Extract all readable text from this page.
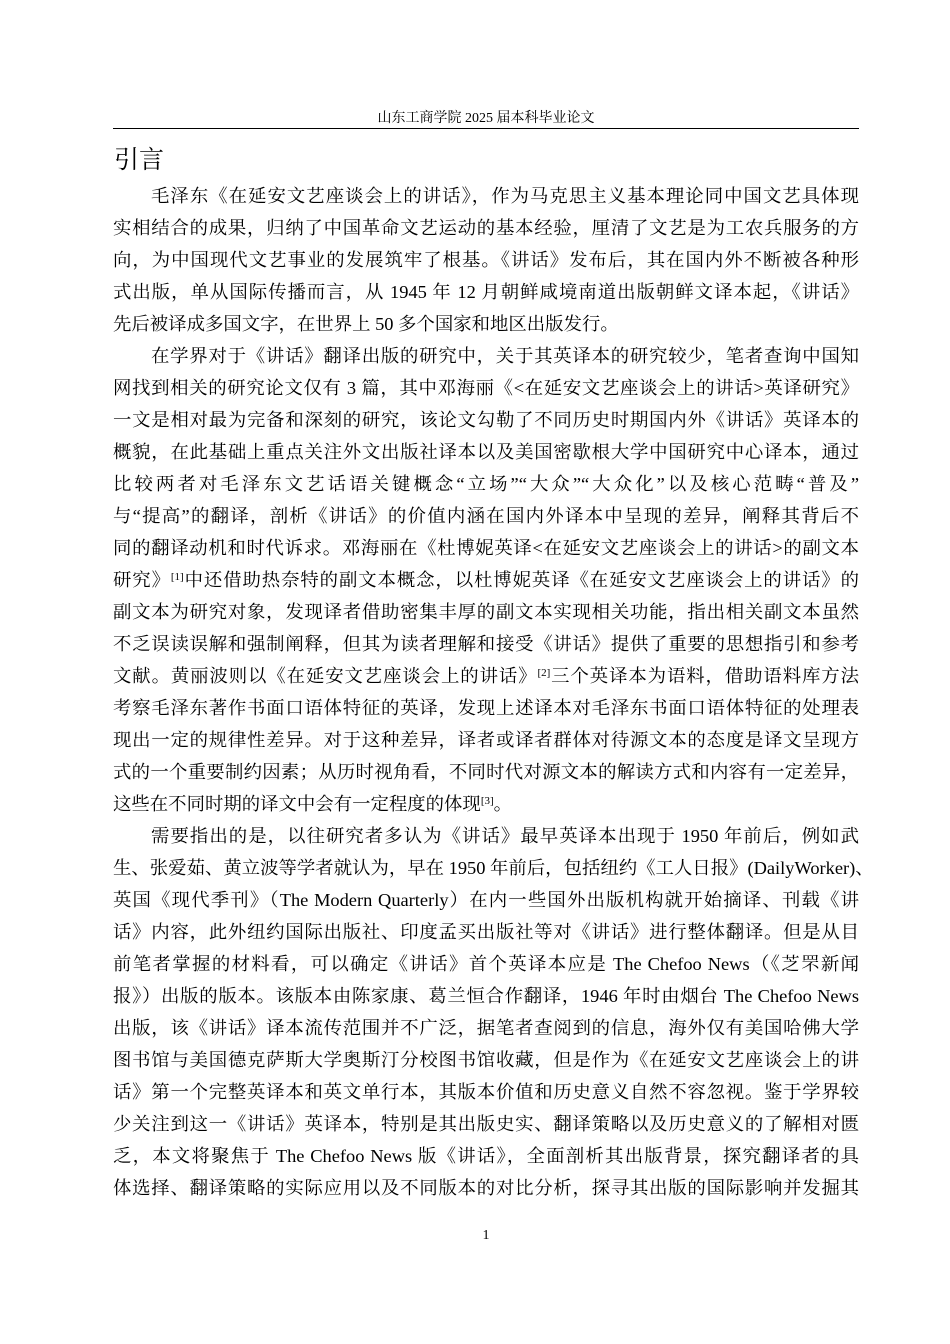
山东工商学院 2025 届本科毕业论文
引言
毛泽东《在延安文艺座谈会上的讲话》，作为马克思主义基本理论同中国文艺具体现
实相结合的成果，归纳了中国革命文艺运动的基本经验，厘清了文艺是为工农兵服务的方
向，为中国现代文艺事业的发展筑牢了根基。《讲话》发布后，其在国内外不断被各种形
式出版，单从国际传播而言，从 1945 年 12 月朝鲜咸境南道出版朝鲜文译本起，《讲话》
先后被译成多国文字，在世界上 50 多个国家和地区出版发行。
在学界对于《讲话》翻译出版的研究中，关于其英译本的研究较少，笔者查询中国知
网找到相关的研究论文仅有 3 篇，其中邓海丽《<在延安文艺座谈会上的讲话>英译研究》
一文是相对最为完备和深刻的研究，该论文勾勒了不同历史时期国内外《讲话》英译本的
概貌，在此基础上重点关注外文出版社译本以及美国密歇根大学中国研究中心译本，通过
比较两者对毛泽东文艺话语关键概念“立场”“大众”“大众化”以及核心范畴“普及”
与“提高”的翻译，剖析《讲话》的价值内涵在国内外译本中呈现的差异，阐释其背后不
同的翻译动机和时代诉求。邓海丽在《杜博妮英译<在延安文艺座谈会上的讲话>的副文本
研究》[1]中还借助热奈特的副文本概念，以杜博妮英译《在延安文艺座谈会上的讲话》的
副文本为研究对象，发现译者借助密集丰厚的副文本实现相关功能，指出相关副文本虽然
不乏误读误解和强制阐释，但其为读者理解和接受《讲话》提供了重要的思想指引和参考
文献。黄丽波则以《在延安文艺座谈会上的讲话》[2]三个英译本为语料，借助语料库方法
考察毛泽东著作书面口语体特征的英译，发现上述译本对毛泽东书面口语体特征的处理表
现出一定的规律性差异。对于这种差异，译者或译者群体对待源文本的态度是译文呈现方
式的一个重要制约因素；从历时视角看，不同时代对源文本的解读方式和内容有一定差异，
这些在不同时期的译文中会有一定程度的体现[3]。
需要指出的是，以往研究者多认为《讲话》最早英译本出现于 1950 年前后，例如武
生、张爱茹、黄立波等学者就认为，早在 1950 年前后，包括纽约《工人日报》(DailyWorker)、
英国《现代季刊》（The Modern Quarterly）在内一些国外出版机构就开始摘译、刊载《讲
话》内容，此外纽约国际出版社、印度孟买出版社等对《讲话》进行整体翻译。但是从目
前笔者掌握的材料看，可以确定《讲话》首个英译本应是 The Chefoo News（《芝罘新闻
报》）出版的版本。该版本由陈家康、葛兰恒合作翻译，1946 年时由烟台 The Chefoo News
出版，该《讲话》译本流传范围并不广泛，据笔者查阅到的信息，海外仅有美国哈佛大学
图书馆与美国德克萨斯大学奥斯汀分校图书馆收藏，但是作为《在延安文艺座谈会上的讲
话》第一个完整英译本和英文单行本，其版本价值和历史意义自然不容忽视。鉴于学界较
少关注到这一《讲话》英译本，特别是其出版史实、翻译策略以及历史意义的了解相对匮
乏，本文将聚焦于 The Chefoo News 版《讲话》，全面剖析其出版背景，探究翻译者的具
体选择、翻译策略的实际应用以及不同版本的对比分析，探寻其出版的国际影响并发掘其
1
